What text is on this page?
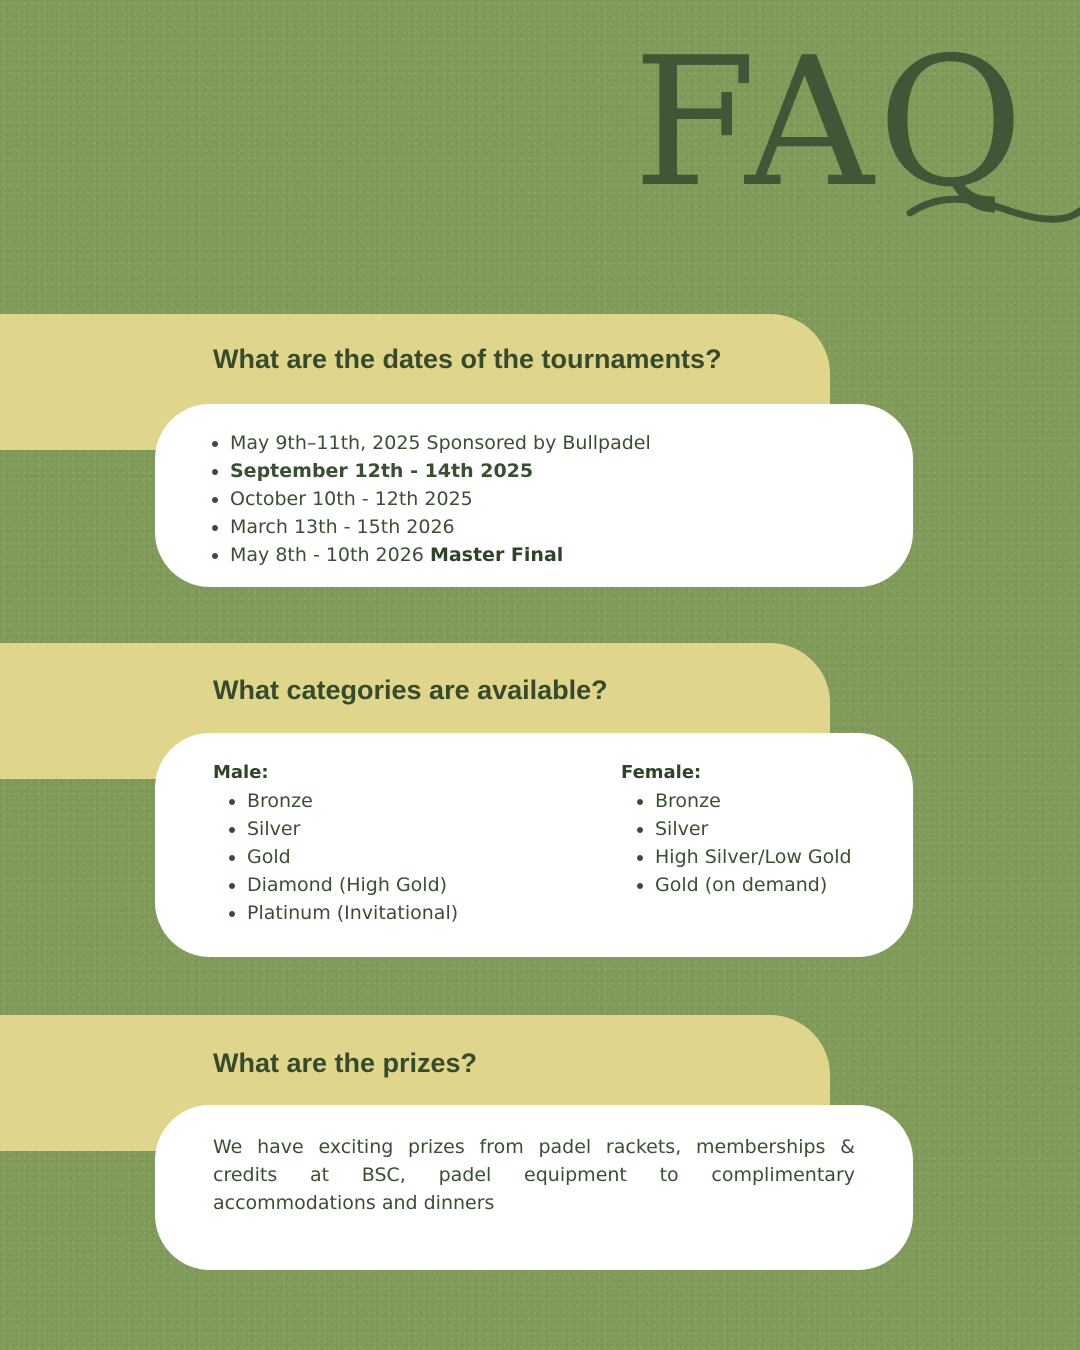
FAQ
What are the dates of the tournaments?
May 9th–11th, 2025 Sponsored by Bullpadel
September 12th - 14th 2025
October 10th - 12th 2025
March 13th - 15th 2026
May 8th - 10th 2026 Master Final
What categories are available?
Male:
Bronze
Silver
Gold
Diamond (High Gold)
Platinum (Invitational)
Female:
Bronze
Silver
High Silver/Low Gold
Gold (on demand)
What are the prizes?

We have exciting prizes from padel rackets, memberships & credits at BSC, padel equipment to complimentary accommodations and dinners
